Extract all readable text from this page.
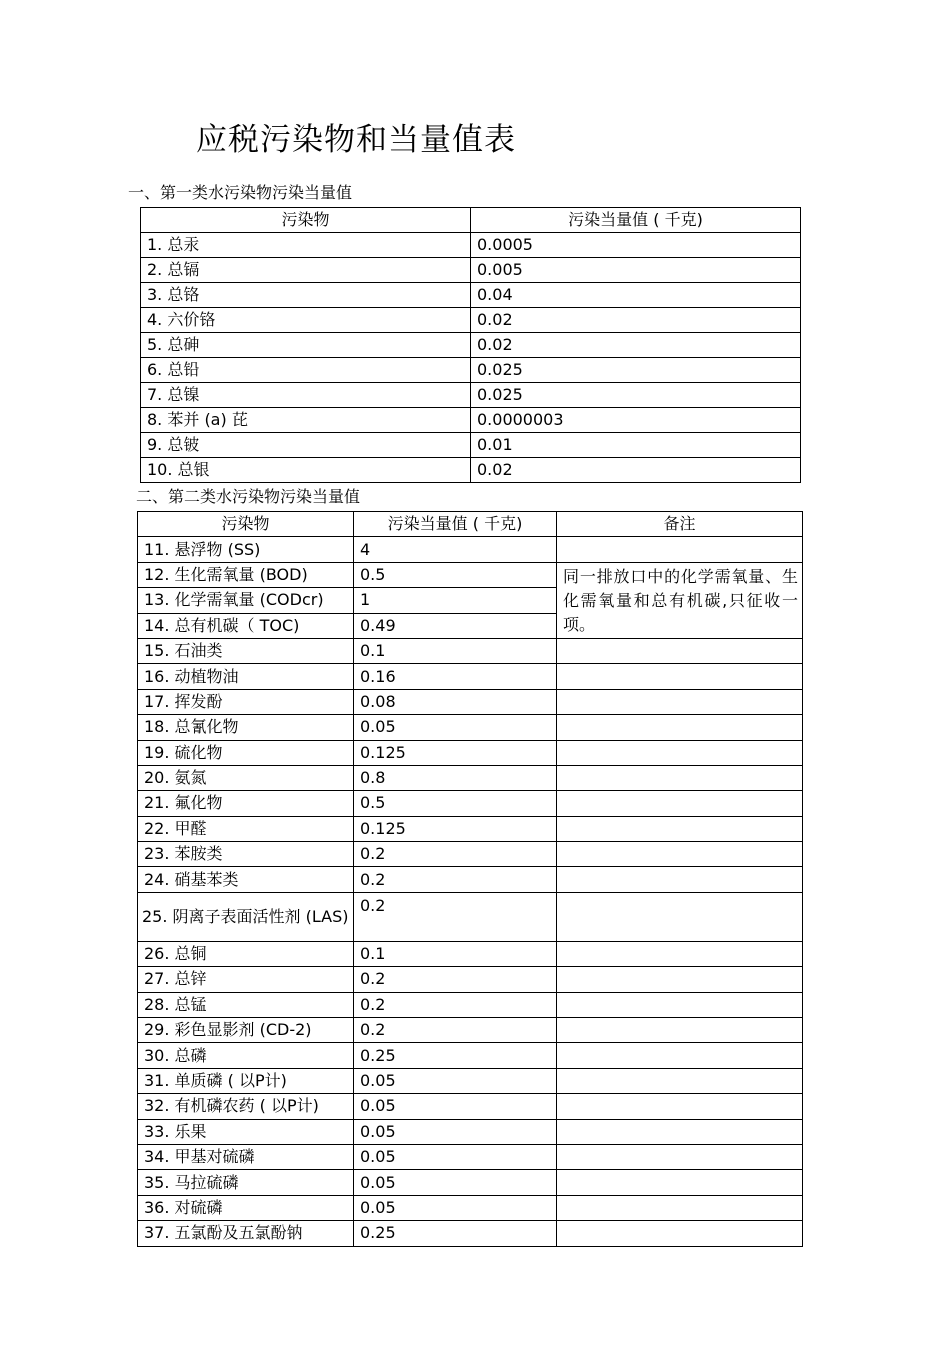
应税污染物和当量值表
一、第一类水污染物污染当量值
污染物	污染当量值 ( 千克)
1. 总汞	0.0005
2. 总镉	0.005
3. 总铬	0.04
4. 六价铬	0.02
5. 总砷	0.02
6. 总铅	0.025
7. 总镍	0.025
8. 苯并 (a) 芘	0.0000003
9. 总铍	0.01
10. 总银	0.02
二、第二类水污染物污染当量值
污染物	污染当量值 ( 千克)	备注
11. 悬浮物 (SS)	4	
12. 生化需氧量 (BOD)	0.5	同一排放口中的化学需氧量、生化需氧量和总有机碳,只征收一项。
13. 化学需氧量 (CODcr)	1	
14. 总有机碳（ TOC)	0.49	
15. 石油类	0.1	
16. 动植物油	0.16	
17. 挥发酚	0.08	
18. 总氰化物	0.05	
19. 硫化物	0.125	
20. 氨氮	0.8	
21. 氟化物	0.5	
22. 甲醛	0.125	
23. 苯胺类	0.2	
24. 硝基苯类	0.2	
25. 阴离子表面活性剂 (LAS)	0.2	
26. 总铜	0.1	
27. 总锌	0.2	
28. 总锰	0.2	
29. 彩色显影剂 (CD-2)	0.2	
30. 总磷	0.25	
31. 单质磷 ( 以P计)	0.05	
32. 有机磷农药 ( 以P计)	0.05	
33. 乐果	0.05	
34. 甲基对硫磷	0.05	
35. 马拉硫磷	0.05	
36. 对硫磷	0.05	
37. 五氯酚及五氯酚钠	0.25	
